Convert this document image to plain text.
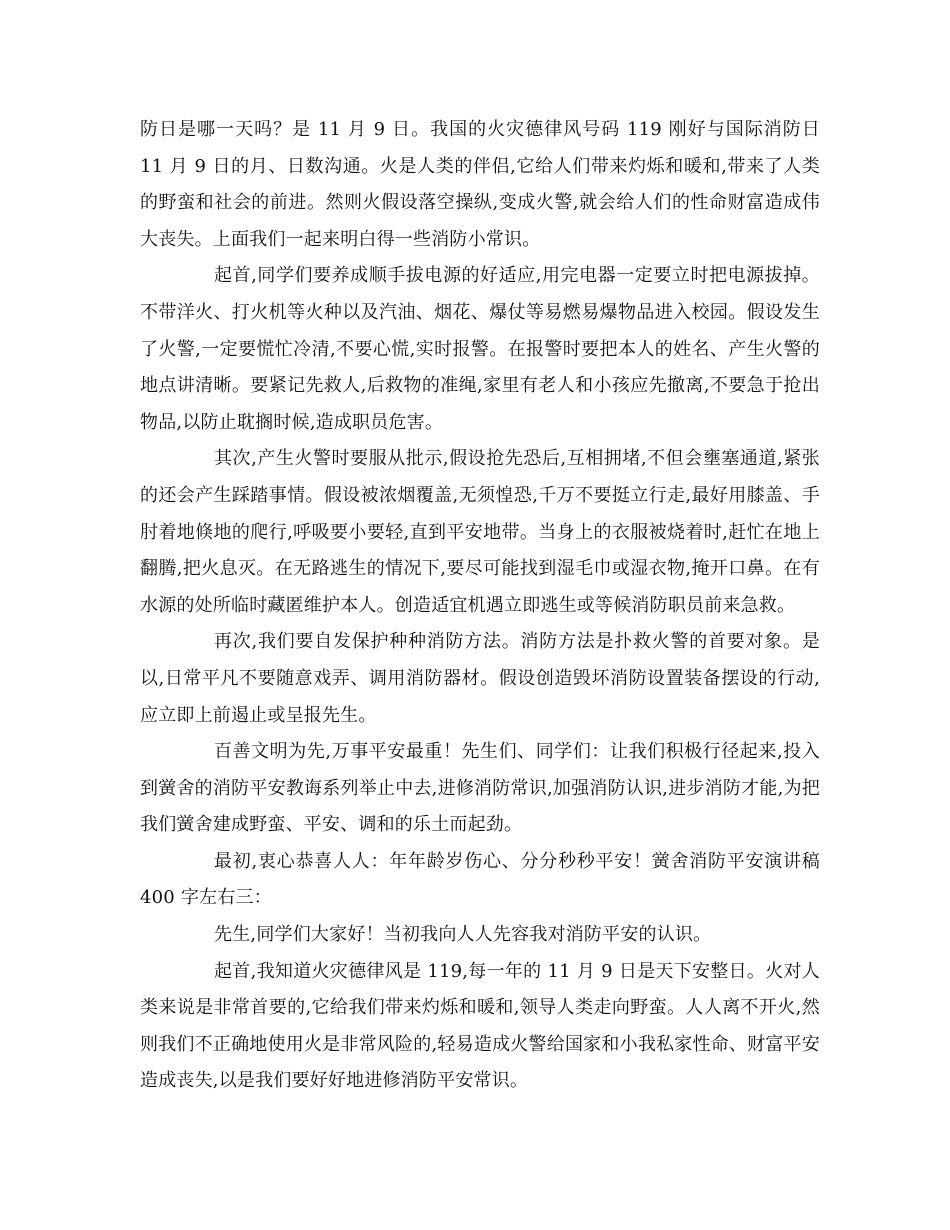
防日是哪一天吗？是 11 月 9 日。我国的火灾德律风号码 119 刚好与国际消防日 11 月 9 日的月、日数沟通。火是人类的伴侣,它给人们带来灼烁和暖和,带来了人类的野蛮和社会的前进。然则火假设落空操纵,变成火警,就会给人们的性命财富造成伟大丧失。上面我们一起来明白得一些消防小常识。

起首,同学们要养成顺手拔电源的好适应,用完电器一定要立时把电源拔掉。不带洋火、打火机等火种以及汽油、烟花、爆仗等易燃易爆物品进入校园。假设发生了火警,一定要慌忙冷清,不要心慌,实时报警。在报警时要把本人的姓名、产生火警的地点讲清晰。要紧记先救人,后救物的准绳,家里有老人和小孩应先撤离,不要急于抢出物品,以防止耽搁时候,造成职员危害。

其次,产生火警时要服从批示,假设抢先恐后,互相拥堵,不但会壅塞通道,紧张的还会产生踩踏事情。假设被浓烟覆盖,无须惶恐,千万不要挺立行走,最好用膝盖、手肘着地倏地的爬行,呼吸要小要轻,直到平安地带。当身上的衣服被烧着时,赶忙在地上翻腾,把火息灭。在无路逃生的情况下,要尽可能找到湿毛巾或湿衣物,掩开口鼻。在有水源的处所临时藏匿维护本人。创造适宜机遇立即逃生或等候消防职员前来急救。

再次,我们要自发保护种种消防方法。消防方法是扑救火警的首要对象。是以,日常平凡不要随意戏弄、调用消防器材。假设创造毁坏消防设置装备摆设的行动,应立即上前遏止或呈报先生。

百善文明为先,万事平安最重！先生们、同学们：让我们积极行径起来,投入到黉舍的消防平安教诲系列举止中去,进修消防常识,加强消防认识,进步消防才能,为把我们黉舍建成野蛮、平安、调和的乐土而起劲。

最初,衷心恭喜人人：年年龄岁伤心、分分秒秒平安！黉舍消防平安演讲稿 400 字左右三：

先生,同学们大家好！当初我向人人先容我对消防平安的认识。

起首,我知道火灾德律风是 119,每一年的 11 月 9 日是天下安整日。火对人类来说是非常首要的,它给我们带来灼烁和暖和,领导人类走向野蛮。人人离不开火,然则我们不正确地使用火是非常风险的,轻易造成火警给国家和小我私家性命、财富平安造成丧失,以是我们要好好地进修消防平安常识。
